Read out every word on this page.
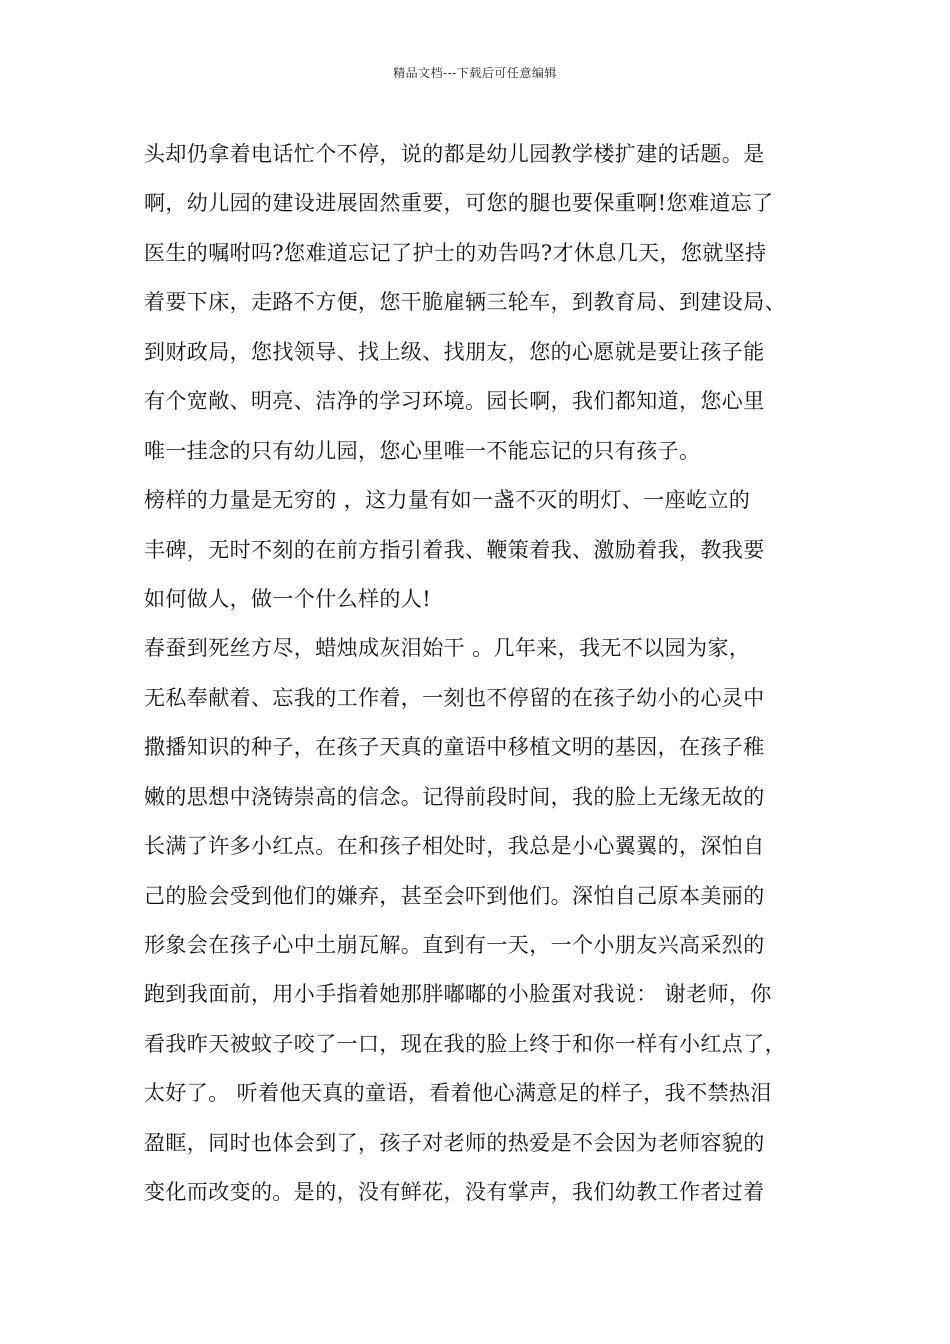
精品文档---下载后可任意编辑
头却仍拿着电话忙个不停，说的都是幼儿园教学楼扩建的话题。是
啊，幼儿园的建设进展固然重要，可您的腿也要保重啊!您难道忘了
医生的嘱咐吗?您难道忘记了护士的劝告吗?才休息几天，您就坚持
着要下床，走路不方便，您干脆雇辆三轮车，到教育局、到建设局、
到财政局，您找领导、找上级、找朋友，您的心愿就是要让孩子能
有个宽敞、明亮、洁净的学习环境。园长啊，我们都知道，您心里
唯一挂念的只有幼儿园，您心里唯一不能忘记的只有孩子。
榜样的力量是无穷的 ，这力量有如一盏不灭的明灯、一座屹立的
丰碑，无时不刻的在前方指引着我、鞭策着我、激励着我，教我要
如何做人，做一个什么样的人!
春蚕到死丝方尽，蜡烛成灰泪始干 。几年来，我无不以园为家，
无私奉献着、忘我的工作着，一刻也不停留的在孩子幼小的心灵中
撒播知识的种子，在孩子天真的童语中移植文明的基因，在孩子稚
嫩的思想中浇铸崇高的信念。记得前段时间，我的脸上无缘无故的
长满了许多小红点。在和孩子相处时，我总是小心翼翼的，深怕自
己的脸会受到他们的嫌弃，甚至会吓到他们。深怕自己原本美丽的
形象会在孩子心中土崩瓦解。直到有一天，一个小朋友兴高采烈的
跑到我面前，用小手指着她那胖嘟嘟的小脸蛋对我说： 谢老师，你
看我昨天被蚊子咬了一口，现在我的脸上终于和你一样有小红点了，
太好了。 听着他天真的童语，看着他心满意足的样子，我不禁热泪
盈眶，同时也体会到了，孩子对老师的热爱是不会因为老师容貌的
变化而改变的。是的，没有鲜花，没有掌声，我们幼教工作者过着
